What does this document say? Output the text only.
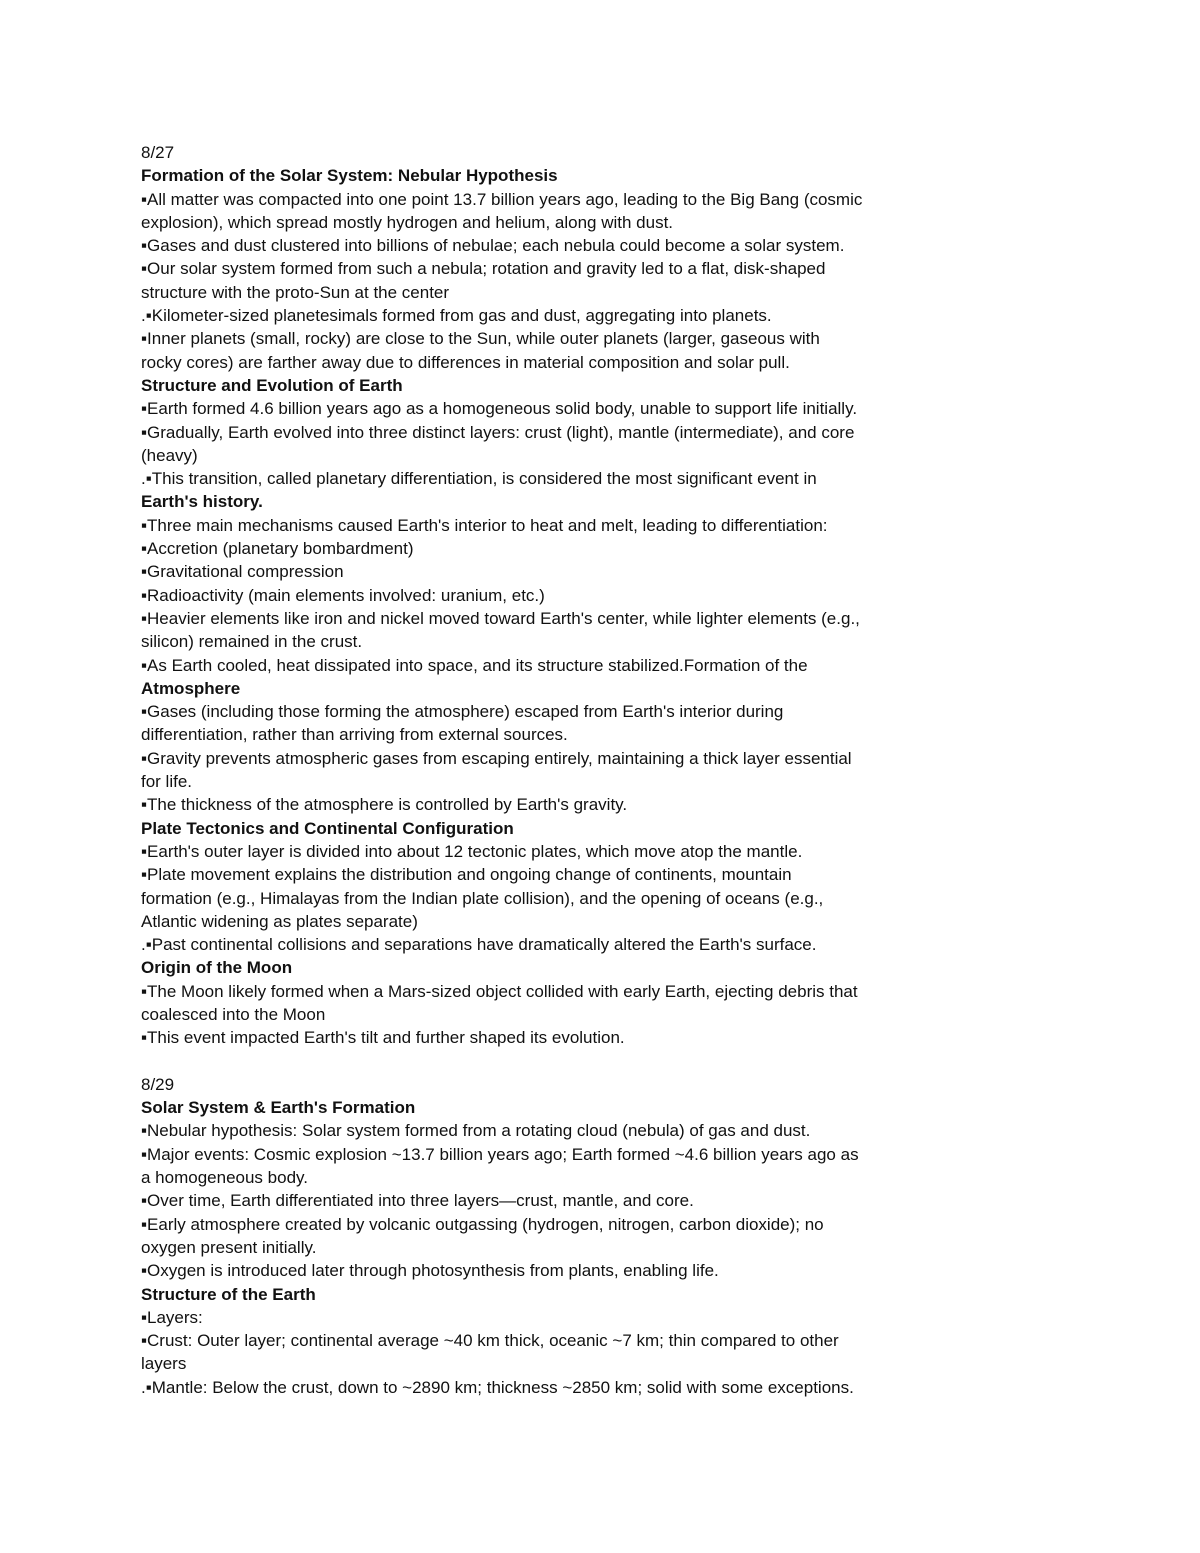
8/27
Formation of the Solar System: Nebular Hypothesis
▪All matter was compacted into one point 13.7 billion years ago, leading to the Big Bang (cosmic
explosion), which spread mostly hydrogen and helium, along with dust.
▪Gases and dust clustered into billions of nebulae; each nebula could become a solar system.
▪Our solar system formed from such a nebula; rotation and gravity led to a flat, disk-shaped
structure with the proto-Sun at the center
.▪Kilometer-sized planetesimals formed from gas and dust, aggregating into planets.
▪Inner planets (small, rocky) are close to the Sun, while outer planets (larger, gaseous with
rocky cores) are farther away due to differences in material composition and solar pull.
Structure and Evolution of Earth
▪Earth formed 4.6 billion years ago as a homogeneous solid body, unable to support life initially.
▪Gradually, Earth evolved into three distinct layers: crust (light), mantle (intermediate), and core
(heavy)
.▪This transition, called planetary differentiation, is considered the most significant event in
Earth's history.
▪Three main mechanisms caused Earth's interior to heat and melt, leading to differentiation:
▪Accretion (planetary bombardment)
▪Gravitational compression
▪Radioactivity (main elements involved: uranium, etc.)
▪Heavier elements like iron and nickel moved toward Earth's center, while lighter elements (e.g.,
silicon) remained in the crust.
▪As Earth cooled, heat dissipated into space, and its structure stabilized.Formation of the
Atmosphere
▪Gases (including those forming the atmosphere) escaped from Earth's interior during
differentiation, rather than arriving from external sources.
▪Gravity prevents atmospheric gases from escaping entirely, maintaining a thick layer essential
for life.
▪The thickness of the atmosphere is controlled by Earth's gravity.
Plate Tectonics and Continental Configuration
▪Earth's outer layer is divided into about 12 tectonic plates, which move atop the mantle.
▪Plate movement explains the distribution and ongoing change of continents, mountain
formation (e.g., Himalayas from the Indian plate collision), and the opening of oceans (e.g.,
Atlantic widening as plates separate)
.▪Past continental collisions and separations have dramatically altered the Earth's surface.
Origin of the Moon
▪The Moon likely formed when a Mars-sized object collided with early Earth, ejecting debris that
coalesced into the Moon
▪This event impacted Earth's tilt and further shaped its evolution.
8/29
Solar System & Earth's Formation
▪Nebular hypothesis: Solar system formed from a rotating cloud (nebula) of gas and dust.
▪Major events: Cosmic explosion ~13.7 billion years ago; Earth formed ~4.6 billion years ago as
a homogeneous body.
▪Over time, Earth differentiated into three layers—crust, mantle, and core.
▪Early atmosphere created by volcanic outgassing (hydrogen, nitrogen, carbon dioxide); no
oxygen present initially.
▪Oxygen is introduced later through photosynthesis from plants, enabling life.
Structure of the Earth
▪Layers:
▪Crust: Outer layer; continental average ~40 km thick, oceanic ~7 km; thin compared to other
layers
.▪Mantle: Below the crust, down to ~2890 km; thickness ~2850 km; solid with some exceptions.
